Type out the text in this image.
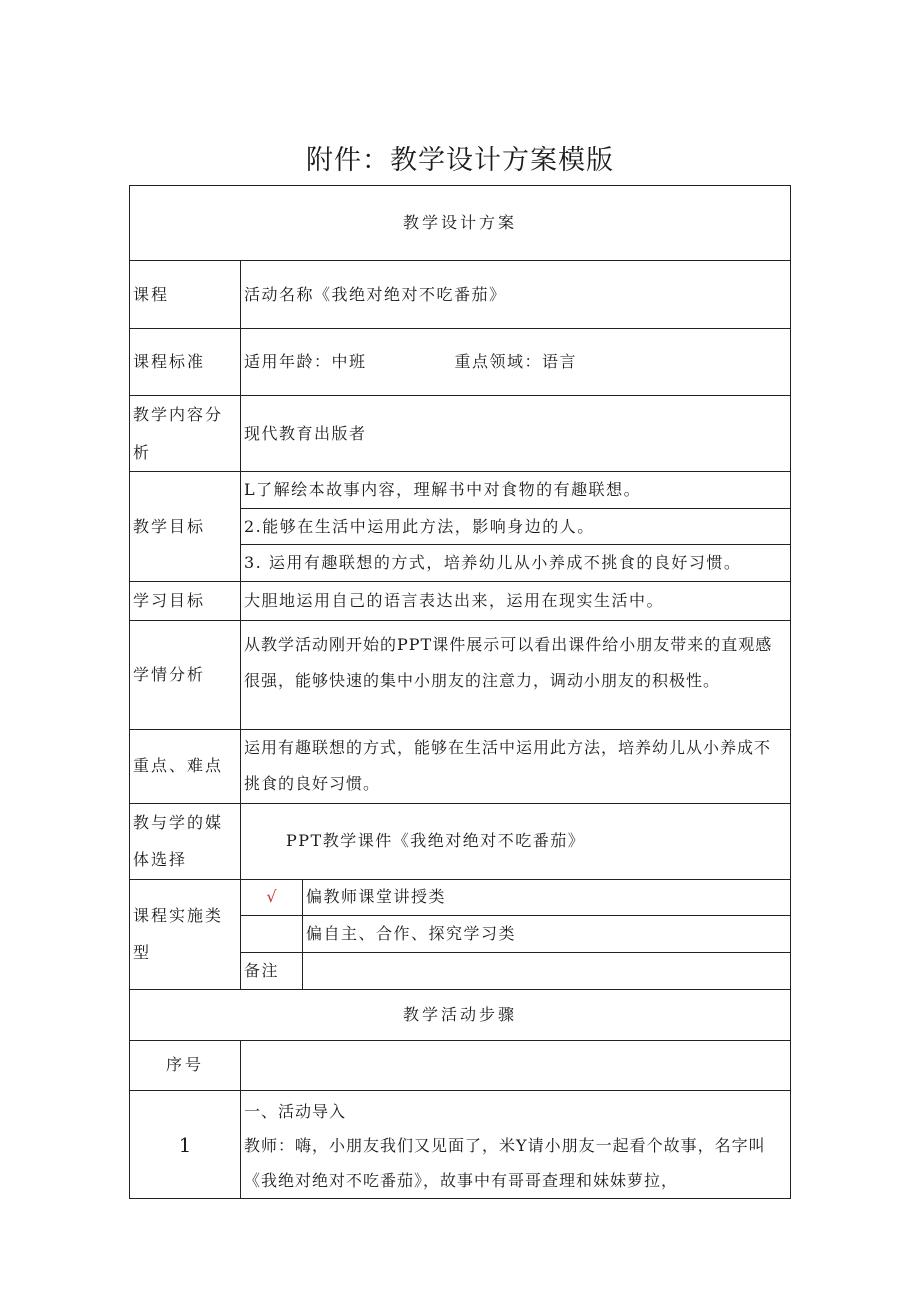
附件：教学设计方案模版
教学设计方案		
课程	活动名称《我绝对绝对不吃番茄》	
课程标准	适用年龄：中班 重点领域：语言	
教学内容分析	现代教育出版者	
教学目标	L了解绘本故事内容，理解书中对食物的有趣联想。	
	2.能够在生活中运用此方法，影响身边的人。	
	3. 运用有趣联想的方式，培养幼儿从小养成不挑食的良好习惯。	
学习目标	大胆地运用自己的语言表达出来，运用在现实生活中。	
学情分析	从教学活动刚开始的PPT课件展示可以看出课件给小朋友带来的直观感很强，能够快速的集中小朋友的注意力，调动小朋友的积极性。	
重点、难点	运用有趣联想的方式，能够在生活中运用此方法，培养幼儿从小养成不挑食的良好习惯。	
教与学的媒体选择	PPT教学课件《我绝对绝对不吃番茄》	
课程实施类型	√	偏教师课堂讲授类
		偏自主、合作、探究学习类
	备注	
教学活动步骤		
序号		
1	一、活动导入
教师：嗨，小朋友我们又见面了，米Y请小朋友一起看个故事，名字叫
《我绝对绝对不吃番茄》，故事中有哥哥查理和妹妹萝拉，	
